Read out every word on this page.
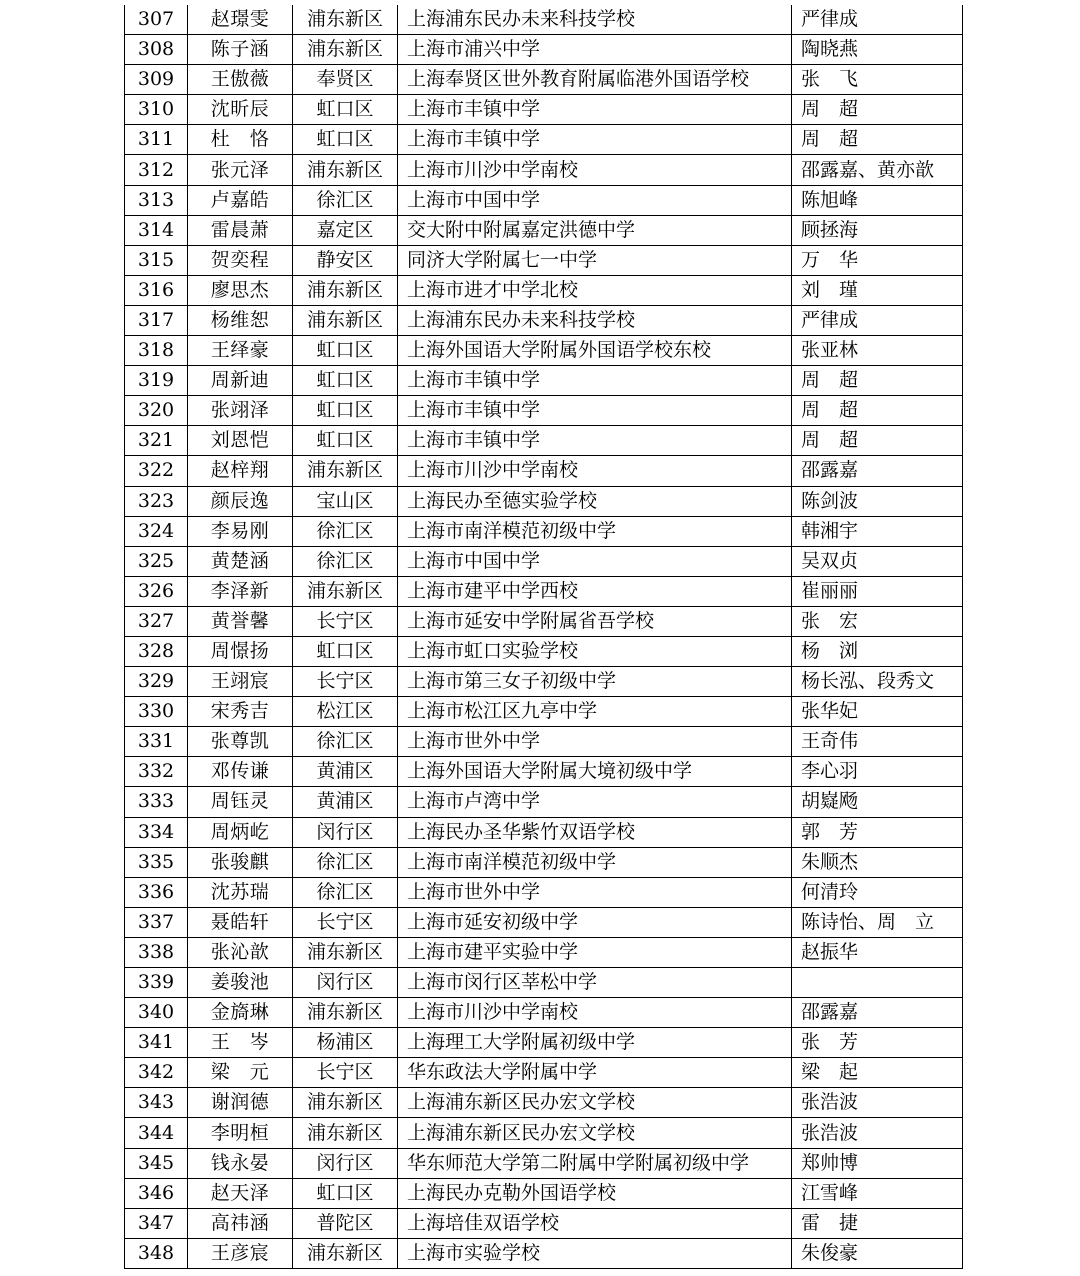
307	赵璟雯	浦东新区	上海浦东民办未来科技学校	严律成
308	陈子涵	浦东新区	上海市浦兴中学	陶晓燕
309	王傲薇	奉贤区	上海奉贤区世外教育附属临港外国语学校	张　飞
310	沈昕辰	虹口区	上海市丰镇中学	周　超
311	杜　恪	虹口区	上海市丰镇中学	周　超
312	张元泽	浦东新区	上海市川沙中学南校	邵露嘉、黄亦歆
313	卢嘉皓	徐汇区	上海市中国中学	陈旭峰
314	雷晨萧	嘉定区	交大附中附属嘉定洪德中学	顾拯海
315	贺奕程	静安区	同济大学附属七一中学	万　华
316	廖思杰	浦东新区	上海市进才中学北校	刘　瑾
317	杨维恕	浦东新区	上海浦东民办未来科技学校	严律成
318	王绎豪	虹口区	上海外国语大学附属外国语学校东校	张亚林
319	周新迪	虹口区	上海市丰镇中学	周　超
320	张翊泽	虹口区	上海市丰镇中学	周　超
321	刘恩恺	虹口区	上海市丰镇中学	周　超
322	赵梓翔	浦东新区	上海市川沙中学南校	邵露嘉
323	颜辰逸	宝山区	上海民办至德实验学校	陈剑波
324	李易刚	徐汇区	上海市南洋模范初级中学	韩湘宇
325	黄楚涵	徐汇区	上海市中国中学	吴双贞
326	李泽新	浦东新区	上海市建平中学西校	崔丽丽
327	黄誉馨	长宁区	上海市延安中学附属省吾学校	张　宏
328	周憬扬	虹口区	上海市虹口实验学校	杨　浏
329	王翊宸	长宁区	上海市第三女子初级中学	杨长泓、段秀文
330	宋秀吉	松江区	上海市松江区九亭中学	张华妃
331	张尊凯	徐汇区	上海市世外中学	王奇伟
332	邓传谦	黄浦区	上海外国语大学附属大境初级中学	李心羽
333	周钰灵	黄浦区	上海市卢湾中学	胡嶷飏
334	周炳屹	闵行区	上海民办圣华紫竹双语学校	郭　芳
335	张骏麒	徐汇区	上海市南洋模范初级中学	朱顺杰
336	沈苏瑞	徐汇区	上海市世外中学	何清玲
337	聂皓轩	长宁区	上海市延安初级中学	陈诗怡、周　立
338	张沁歆	浦东新区	上海市建平实验中学	赵振华
339	姜骏池	闵行区	上海市闵行区莘松中学	
340	金旖琳	浦东新区	上海市川沙中学南校	邵露嘉
341	王　岑	杨浦区	上海理工大学附属初级中学	张　芳
342	梁　元	长宁区	华东政法大学附属中学	梁　起
343	谢润德	浦东新区	上海浦东新区民办宏文学校	张浩波
344	李明桓	浦东新区	上海浦东新区民办宏文学校	张浩波
345	钱永晏	闵行区	华东师范大学第二附属中学附属初级中学	郑帅博
346	赵天泽	虹口区	上海民办克勒外国语学校	江雪峰
347	高祎涵	普陀区	上海培佳双语学校	雷　捷
348	王彦宸	浦东新区	上海市实验学校	朱俊豪
